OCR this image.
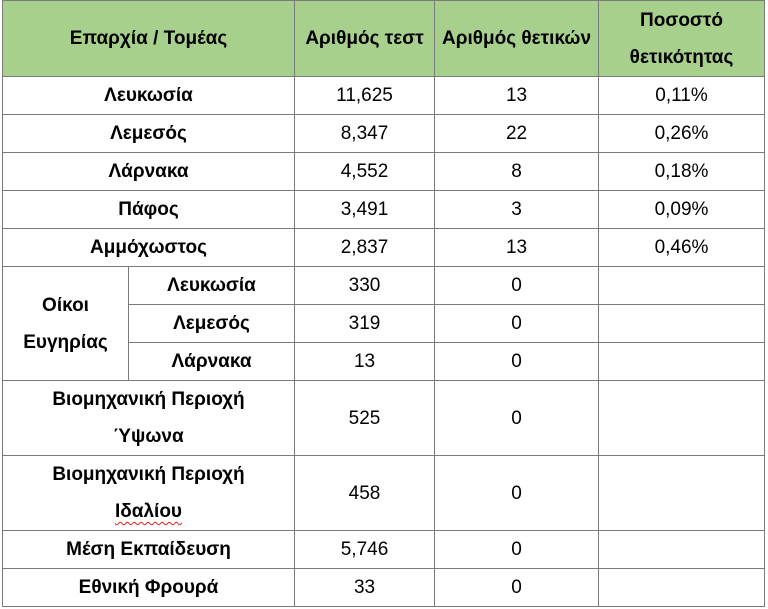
Επαρχία / Τομέας		Αριθμός τεστ	Αριθμός θετικών	Ποσοστό θετικότητας
Λευκωσία		11,625	13	0,11%
Λεμεσός		8,347	22	0,26%
Λάρνακα		4,552	8	0,18%
Πάφος		3,491	3	0,09%
Αμμόχωστος		2,837	13	0,46%
Οίκοι Ευγηρίας	Λευκωσία	330	0	
	Λεμεσός	319	0	
	Λάρνακα	13	0	
Βιομηχανική Περιοχή
Ύψωνα		525	0	
Βιομηχανική Περιοχή
Ιδαλίου		458	0	
Μέση Εκπαίδευση		5,746	0	
Εθνική Φρουρά		33	0	
